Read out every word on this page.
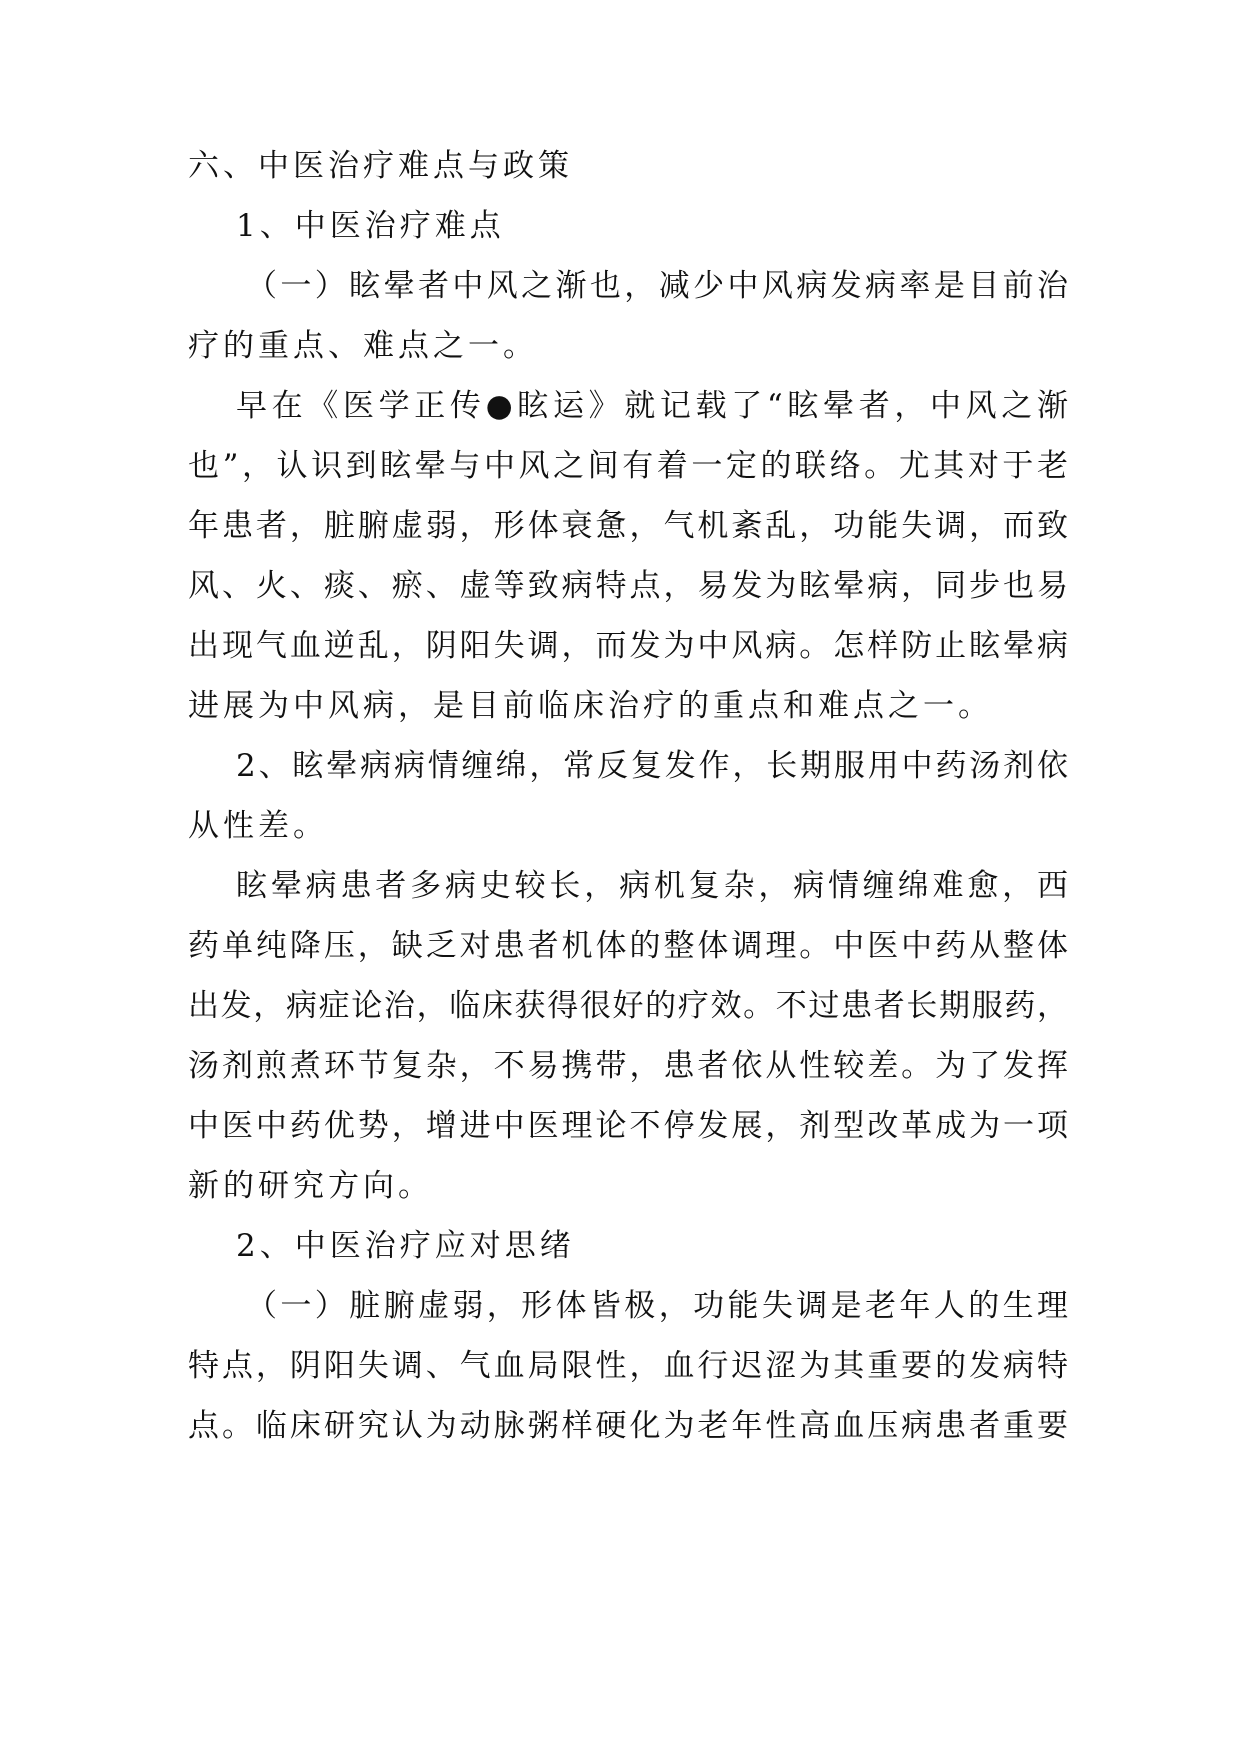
六、中医治疗难点与政策
1、中医治疗难点
（一）眩晕者中风之渐也，减少中风病发病率是目前治
疗的重点、难点之一。
早在《医学正传●眩运》就记载了“眩晕者，中风之渐
也”，认识到眩晕与中风之间有着一定的联络。尤其对于老
年患者，脏腑虚弱，形体衰惫，气机紊乱，功能失调，而致
风、火、痰、瘀、虚等致病特点，易发为眩晕病，同步也易
出现气血逆乱，阴阳失调，而发为中风病。怎样防止眩晕病
进展为中风病，是目前临床治疗的重点和难点之一。
2、眩晕病病情缠绵，常反复发作，长期服用中药汤剂依
从性差。
眩晕病患者多病史较长，病机复杂，病情缠绵难愈，西
药单纯降压，缺乏对患者机体的整体调理。中医中药从整体
出发，病症论治，临床获得很好的疗效。不过患者长期服药，
汤剂煎煮环节复杂，不易携带，患者依从性较差。为了发挥
中医中药优势，增进中医理论不停发展，剂型改革成为一项
新的研究方向。
2、中医治疗应对思绪
（一）脏腑虚弱，形体皆极，功能失调是老年人的生理
特点，阴阳失调、气血局限性，血行迟涩为其重要的发病特
点。临床研究认为动脉粥样硬化为老年性高血压病患者重要
